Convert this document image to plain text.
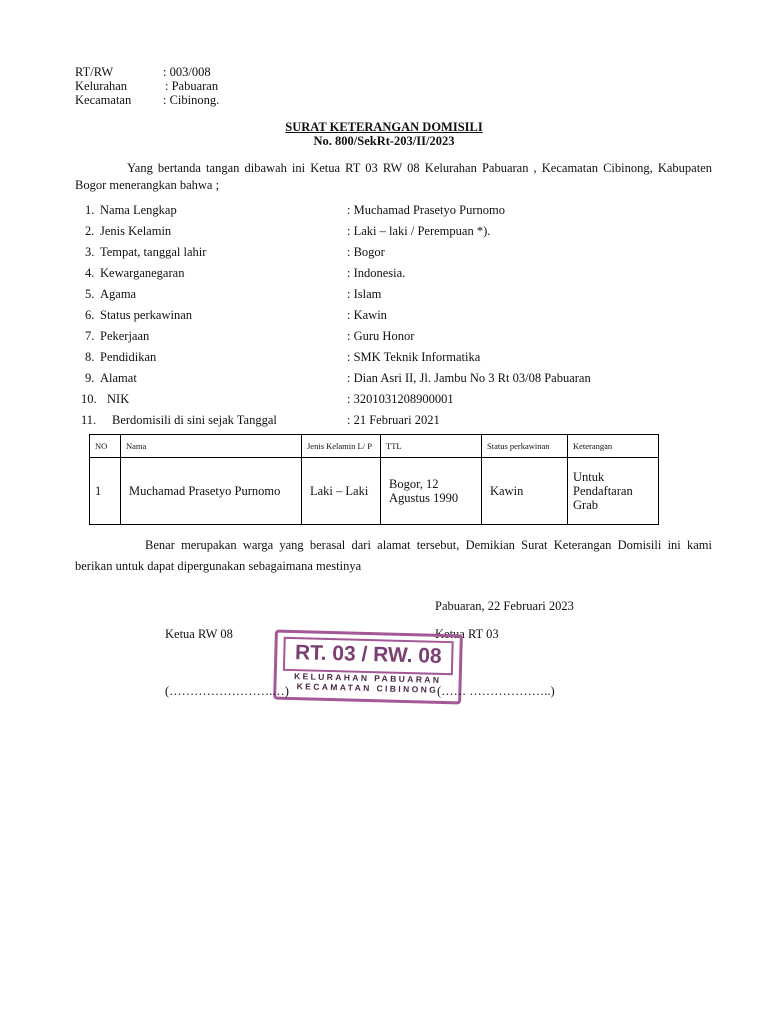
RT/RW	: 003/008
Kelurahan	: Pabuaran
Kecamatan	: Cibinong.
SURAT KETERANGAN DOMISILI
No. 800/SekRt-203/II/2023
Yang bertanda tangan dibawah ini Ketua RT 03 RW 08 Kelurahan Pabuaran , Kecamatan Cibinong, Kabupaten Bogor menerangkan bahwa ;
1. Nama Lengkap	: Muchamad Prasetyo Purnomo
2. Jenis Kelamin	: Laki – laki / Perempuan *).
3. Tempat, tanggal lahir	: Bogor
4. Kewarganegaran	: Indonesia.
5. Agama	: Islam
6. Status perkawinan	: Kawin
7. Pekerjaan	: Guru Honor
8. Pendidikan	: SMK Teknik Informatika
9. Alamat	: Dian Asri II, Jl. Jambu No 3 Rt 03/08 Pabuaran
10. NIK	: 3201031208900001
11. Berdomisili di sini sejak Tanggal	: 21 Februari 2021
NO	Nama	Jenis Kelamin L/ P	TTL	Status perkawinan	Keterangan
1	Muchamad Prasetyo Purnomo	Laki – Laki	Bogor, 12 Agustus 1990	Kawin	Untuk Pendaftaran Grab
Benar merupakan warga yang berasal dari alamat tersebut, Demikian Surat Keterangan Domisili ini kami berikan untuk dapat dipergunakan sebagaimana mestinya
Pabuaran, 22 Februari 2023
Ketua RW 08	Ketua RT 03
RT. 03 / RW. 08
KELURAHAN PABUARAN
KECAMATAN CIBINONG
(…………………….…)	(…… ………………..)
